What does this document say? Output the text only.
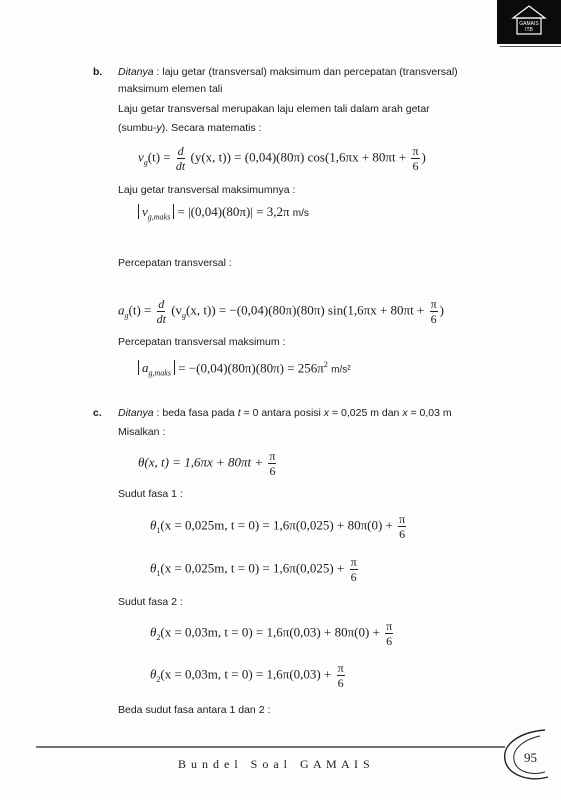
GAMAIS
ITB
b. Ditanya : laju getar (transversal) maksimum dan percepatan (transversal)
maksimum elemen tali
Laju getar transversal merupakan laju elemen tali dalam arah getar
(sumbu-y). Secara matematis :
$v_g(t) = \frac{d}{dt} (y(x$, t)) = (0,04)(80π) $\cos(1,6\pi x + 80\pi t + \frac{\pi}{6}$ )
Laju getar transversal maksimumnya :
$v_{g,maks} = |(0,04)(80\pi)| = 3,2\pi$ m/s
Percepatan transversal :
$a_g(t) = \frac{d}{dt} (v_g(x$, t)) = −(0,04)(80π)(80π) $\sin(1,6\pi x + 80\pi t + \frac{\pi}{6}$ )
Percepatan transversal maksimum :
$a_{g,maks} = -(0,04)(80\pi)(80\pi) = 256\pi^2$ m/s²
c. Ditanya : beda fasa pada t = 0 antara posisi x = 0,025 m dan x = 0,03 m
Misalkan :
θ(x, $t) = 1,6\pi x + 80\pi t + \frac{\pi}{6}$
Sudut fasa 1 :
$\theta_1(x = 0,025m$, $t = 0) = 1,6\pi(0,025) + 80\pi(0) + \frac{\pi}{6}$
$\theta_1(x = 0,025m$, $t = 0) = 1,6\pi(0,025) + \frac{\pi}{6}$
Sudut fasa 2 :
$\theta_2(x = 0,03m$, $t = 0) = 1,6\pi(0,03) + 80\pi(0) + \frac{\pi}{6}$
$\theta_2(x = 0,03m$, $t = 0) = 1,6\pi(0,03) + \frac{\pi}{6}$
Beda sudut fasa antara 1 dan 2 :
B u n d e l   S o a l   G A M A I S	95
